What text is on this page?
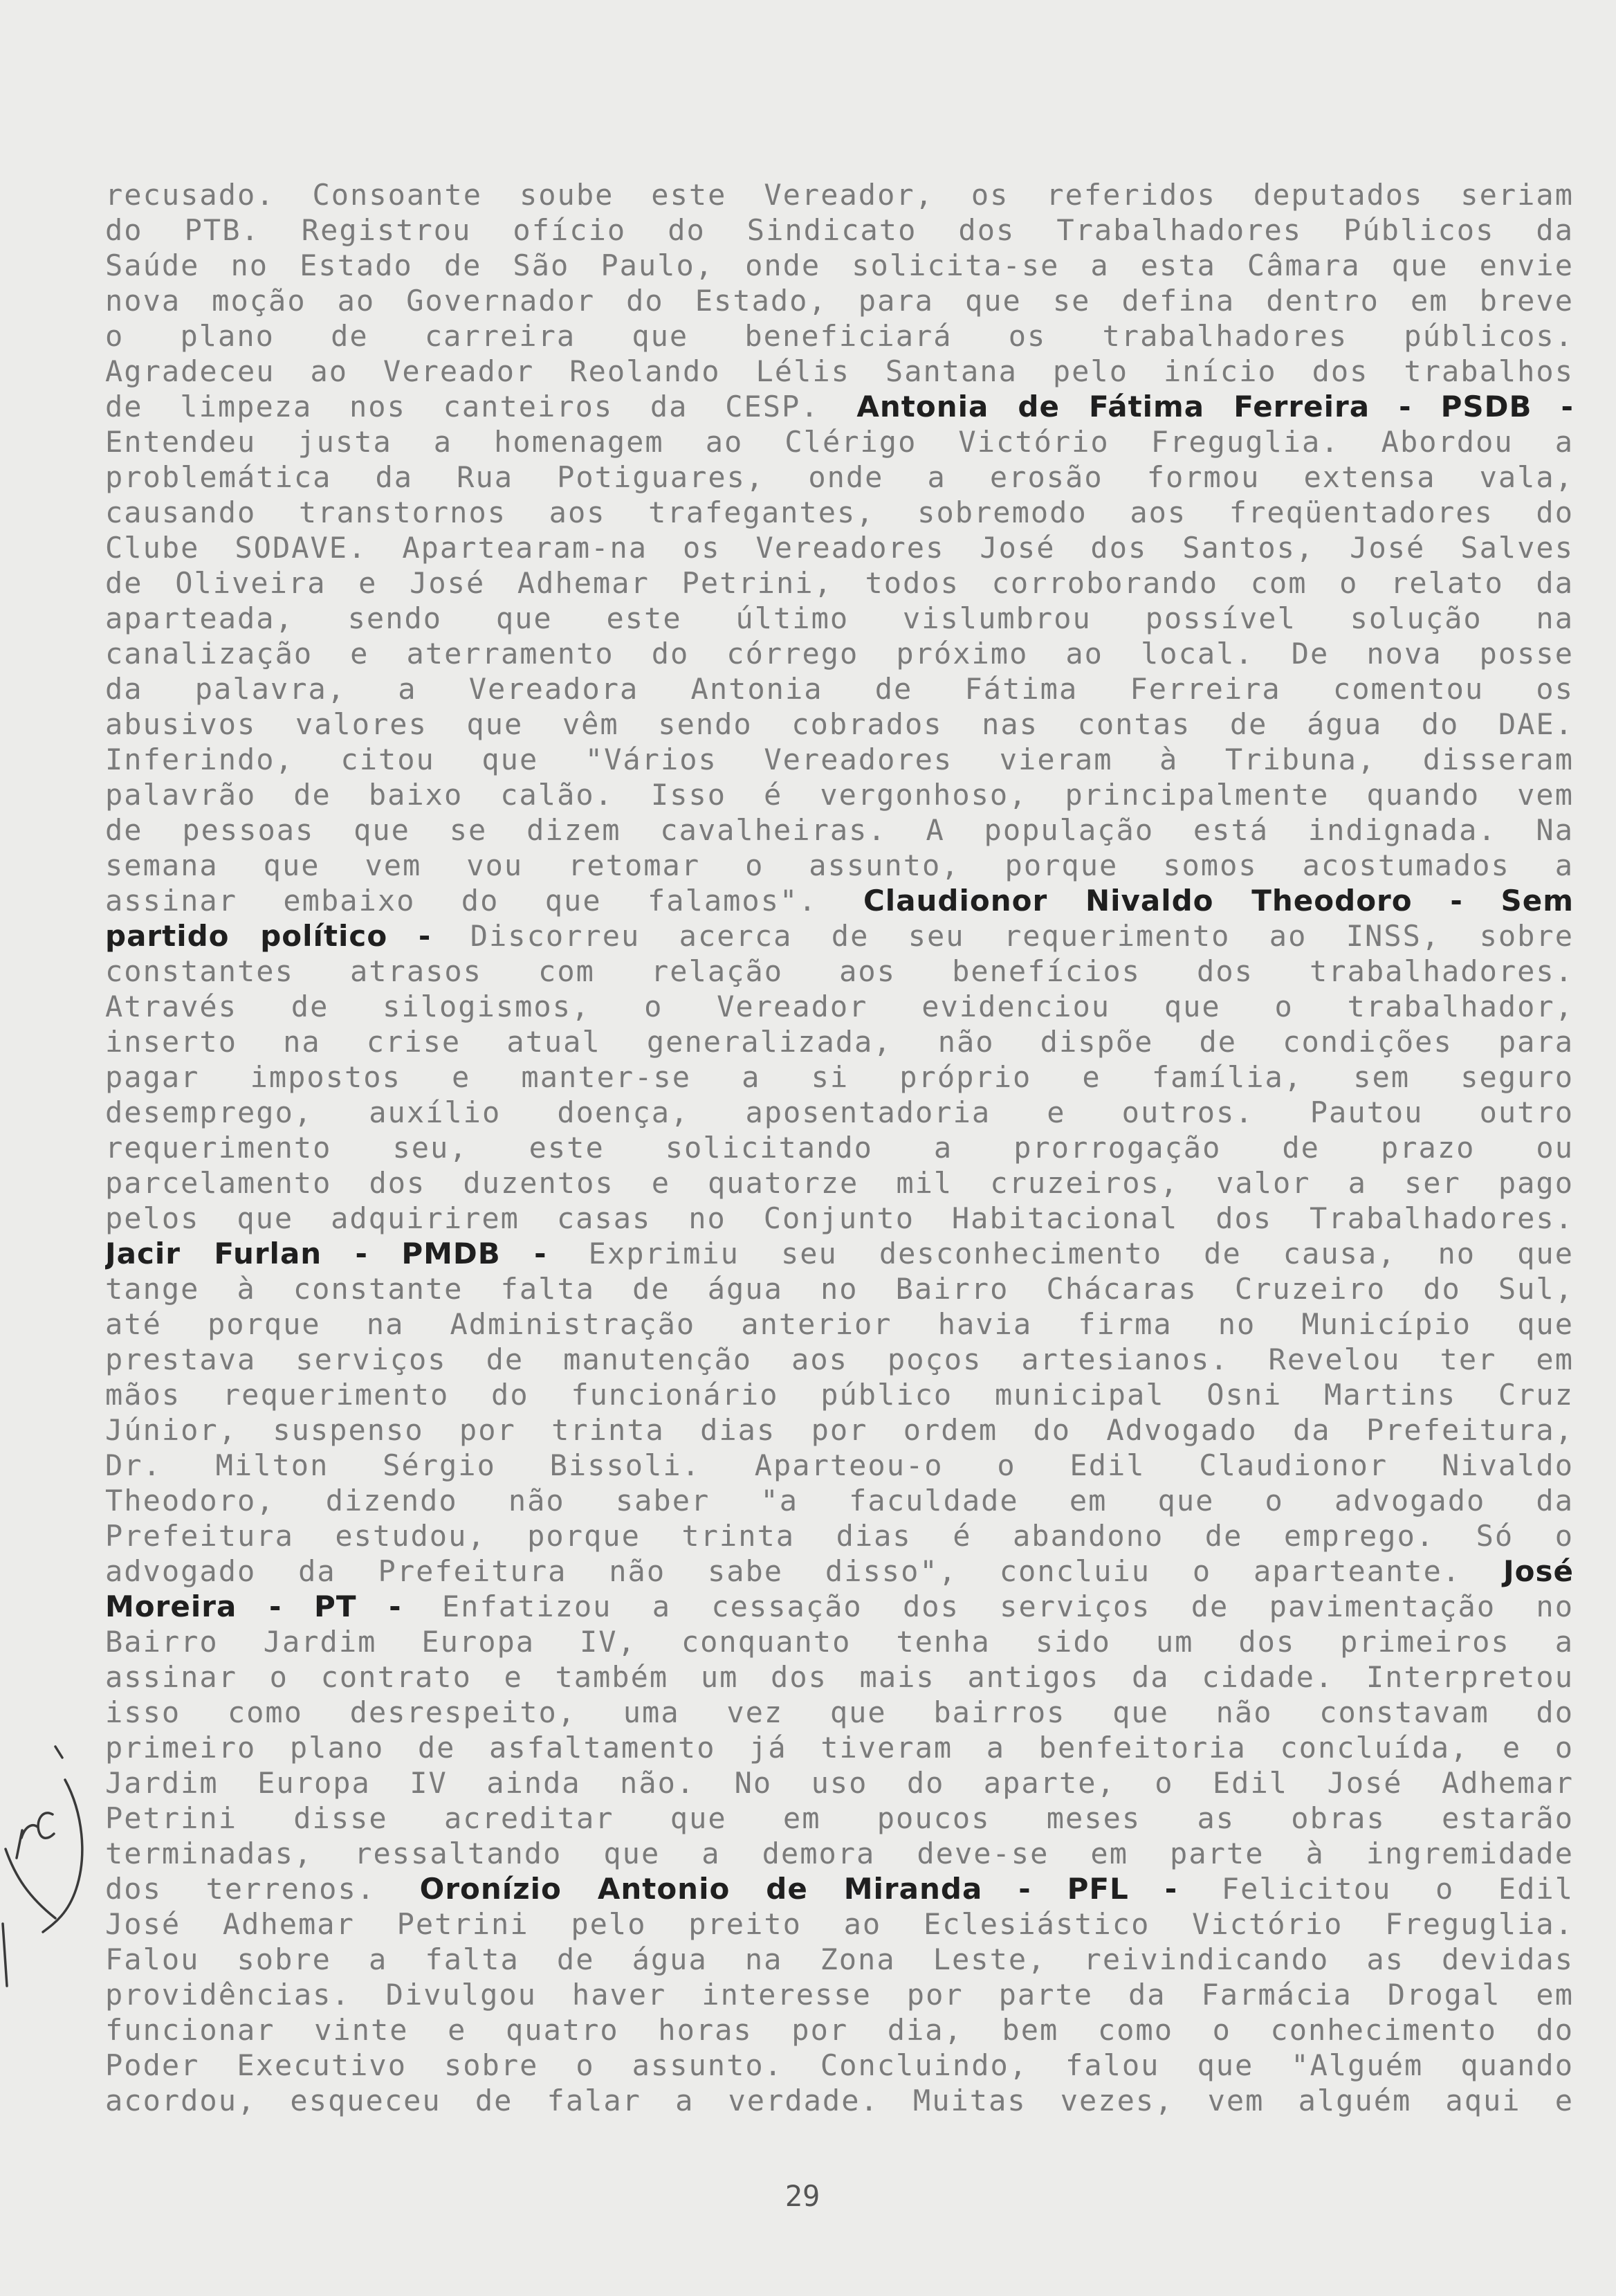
recusado. Consoante soube este Vereador, os referidos deputados seriam
do PTB. Registrou ofício do Sindicato dos Trabalhadores Públicos da
Saúde no Estado de São Paulo, onde solicita-se a esta Câmara que envie
nova moção ao Governador do Estado, para que se defina dentro em breve
o plano de carreira que beneficiará os trabalhadores públicos.
Agradeceu ao Vereador Reolando Lélis Santana pelo início dos trabalhos
de limpeza nos canteiros da CESP. Antonia de Fátima Ferreira - PSDB -
Entendeu justa a homenagem ao Clérigo Victório Freguglia. Abordou a
problemática da Rua Potiguares, onde a erosão formou extensa vala,
causando transtornos aos trafegantes, sobremodo aos freqüentadores do
Clube SODAVE. Apartearam-na os Vereadores José dos Santos, José Salves
de Oliveira e José Adhemar Petrini, todos corroborando com o relato da
aparteada, sendo que este último vislumbrou possível solução na
canalização e aterramento do córrego próximo ao local. De nova posse
da palavra, a Vereadora Antonia de Fátima Ferreira comentou os
abusivos valores que vêm sendo cobrados nas contas de água do DAE.
Inferindo, citou que "Vários Vereadores vieram à Tribuna, disseram
palavrão de baixo calão. Isso é vergonhoso, principalmente quando vem
de pessoas que se dizem cavalheiras. A população está indignada. Na
semana que vem vou retomar o assunto, porque somos acostumados a
assinar embaixo do que falamos". Claudionor Nivaldo Theodoro - Sem
partido político - Discorreu acerca de seu requerimento ao INSS, sobre
constantes atrasos com relação aos benefícios dos trabalhadores.
Através de silogismos, o Vereador evidenciou que o trabalhador,
inserto na crise atual generalizada, não dispõe de condições para
pagar impostos e manter-se a si próprio e família, sem seguro
desemprego, auxílio doença, aposentadoria e outros. Pautou outro
requerimento seu, este solicitando a prorrogação de prazo ou
parcelamento dos duzentos e quatorze mil cruzeiros, valor a ser pago
pelos que adquirirem casas no Conjunto Habitacional dos Trabalhadores.
Jacir Furlan - PMDB - Exprimiu seu desconhecimento de causa, no que
tange à constante falta de água no Bairro Chácaras Cruzeiro do Sul,
até porque na Administração anterior havia firma no Município que
prestava serviços de manutenção aos poços artesianos. Revelou ter em
mãos requerimento do funcionário público municipal Osni Martins Cruz
Júnior, suspenso por trinta dias por ordem do Advogado da Prefeitura,
Dr. Milton Sérgio Bissoli. Aparteou-o o Edil Claudionor Nivaldo
Theodoro, dizendo não saber "a faculdade em que o advogado da
Prefeitura estudou, porque trinta dias é abandono de emprego. Só o
advogado da Prefeitura não sabe disso", concluiu o aparteante. José
Moreira - PT - Enfatizou a cessação dos serviços de pavimentação no
Bairro Jardim Europa IV, conquanto tenha sido um dos primeiros a
assinar o contrato e também um dos mais antigos da cidade. Interpretou
isso como desrespeito, uma vez que bairros que não constavam do
primeiro plano de asfaltamento já tiveram a benfeitoria concluída, e o
Jardim Europa IV ainda não. No uso do aparte, o Edil José Adhemar
Petrini disse acreditar que em poucos meses as obras estarão
terminadas, ressaltando que a demora deve-se em parte à ingremidade
dos terrenos. Oronízio Antonio de Miranda - PFL - Felicitou o Edil
José Adhemar Petrini pelo preito ao Eclesiástico Victório Freguglia.
Falou sobre a falta de água na Zona Leste, reivindicando as devidas
providências. Divulgou haver interesse por parte da Farmácia Drogal em
funcionar vinte e quatro horas por dia, bem como o conhecimento do
Poder Executivo sobre o assunto. Concluindo, falou que "Alguém quando
acordou, esqueceu de falar a verdade. Muitas vezes, vem alguém aqui e
29
